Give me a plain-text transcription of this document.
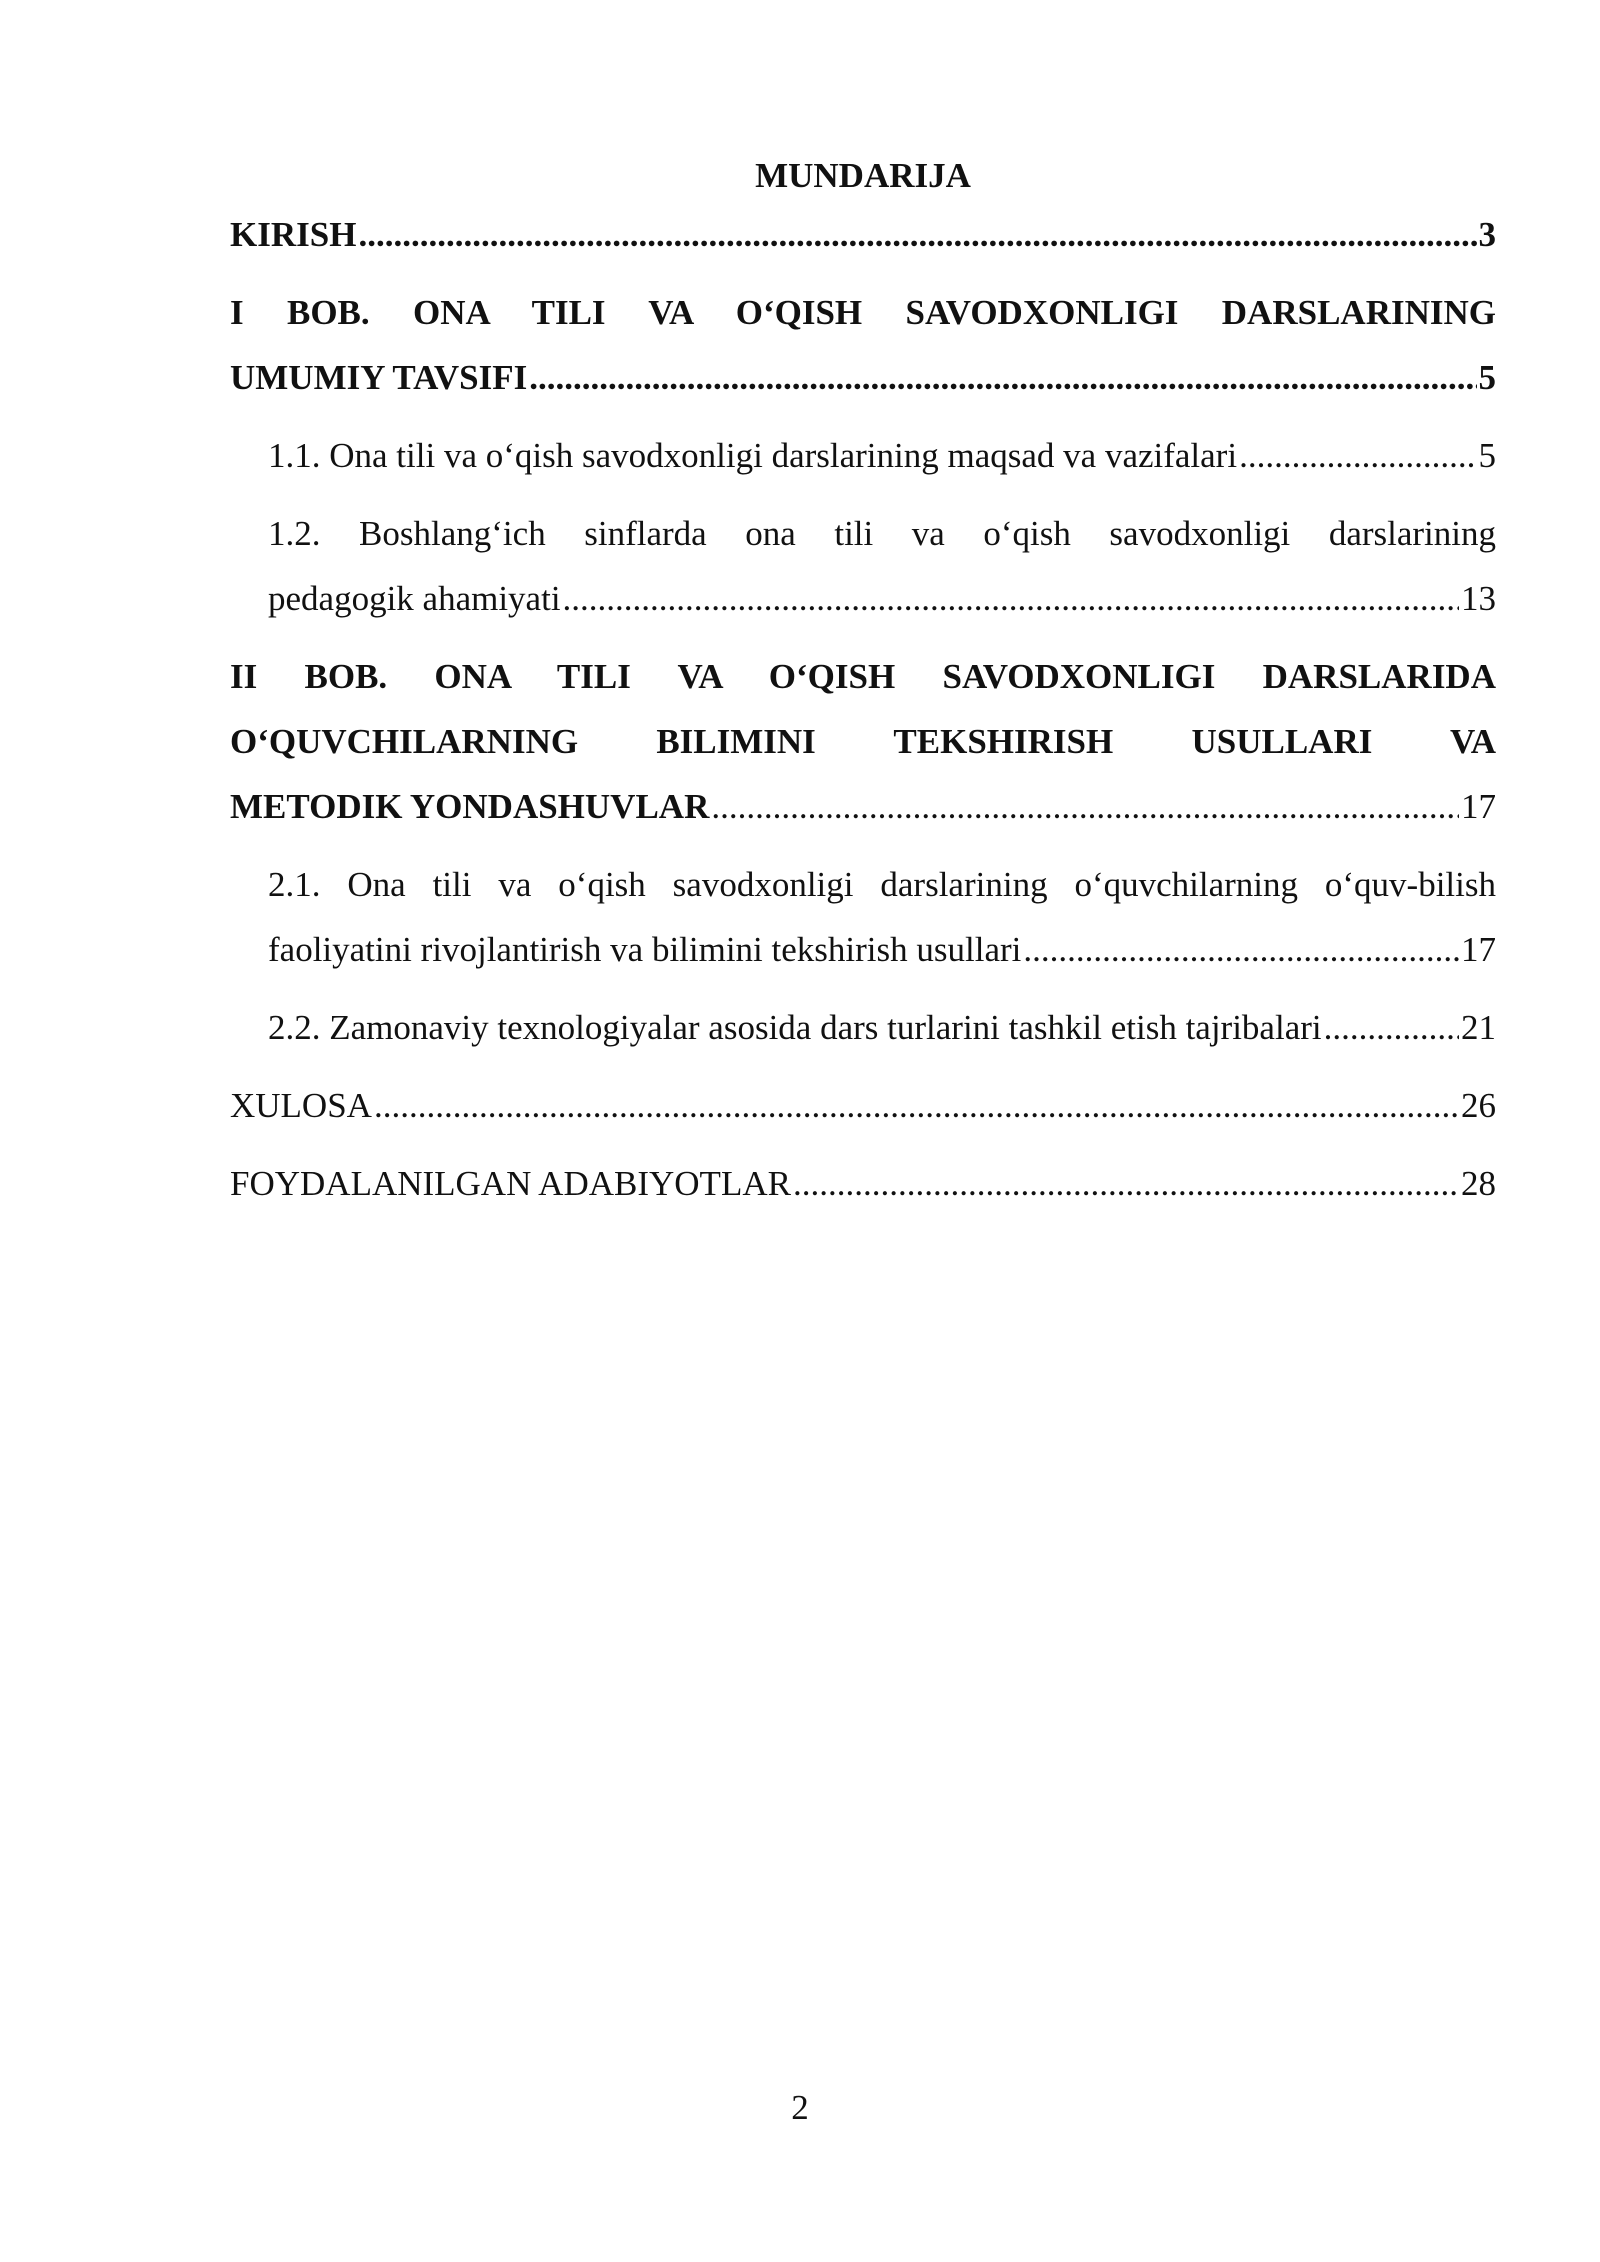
MUNDARIJA
KIRISH .....	3
I BOB. ONA TILI VA O‘QISH SAVODXONLIGI DARSLARINING
UMUMIY TAVSIFI .....	5
1.1. Ona tili va o‘qish savodxonligi darslarining maqsad va vazifalari .....	5
1.2. Boshlang‘ich sinflarda ona tili va o‘qish savodxonligi darslarining
pedagogik ahamiyati .....	13
II BOB. ONA TILI VA O‘QISH SAVODXONLIGI DARSLARIDA
O‘QUVCHILARNING BILIMINI TEKSHIRISH USULLARI VA
METODIK YONDASHUVLAR .....	17
2.1. Ona tili va o‘qish savodxonligi darslarining o‘quvchilarning o‘quv-bilish
faoliyatini rivojlantirish va bilimini tekshirish usullari .....	17
2.2. Zamonaviy texnologiyalar asosida dars turlarini tashkil etish tajribalari .....	21
XULOSA .....	26
FOYDALANILGAN ADABIYOTLAR .....	28
2
